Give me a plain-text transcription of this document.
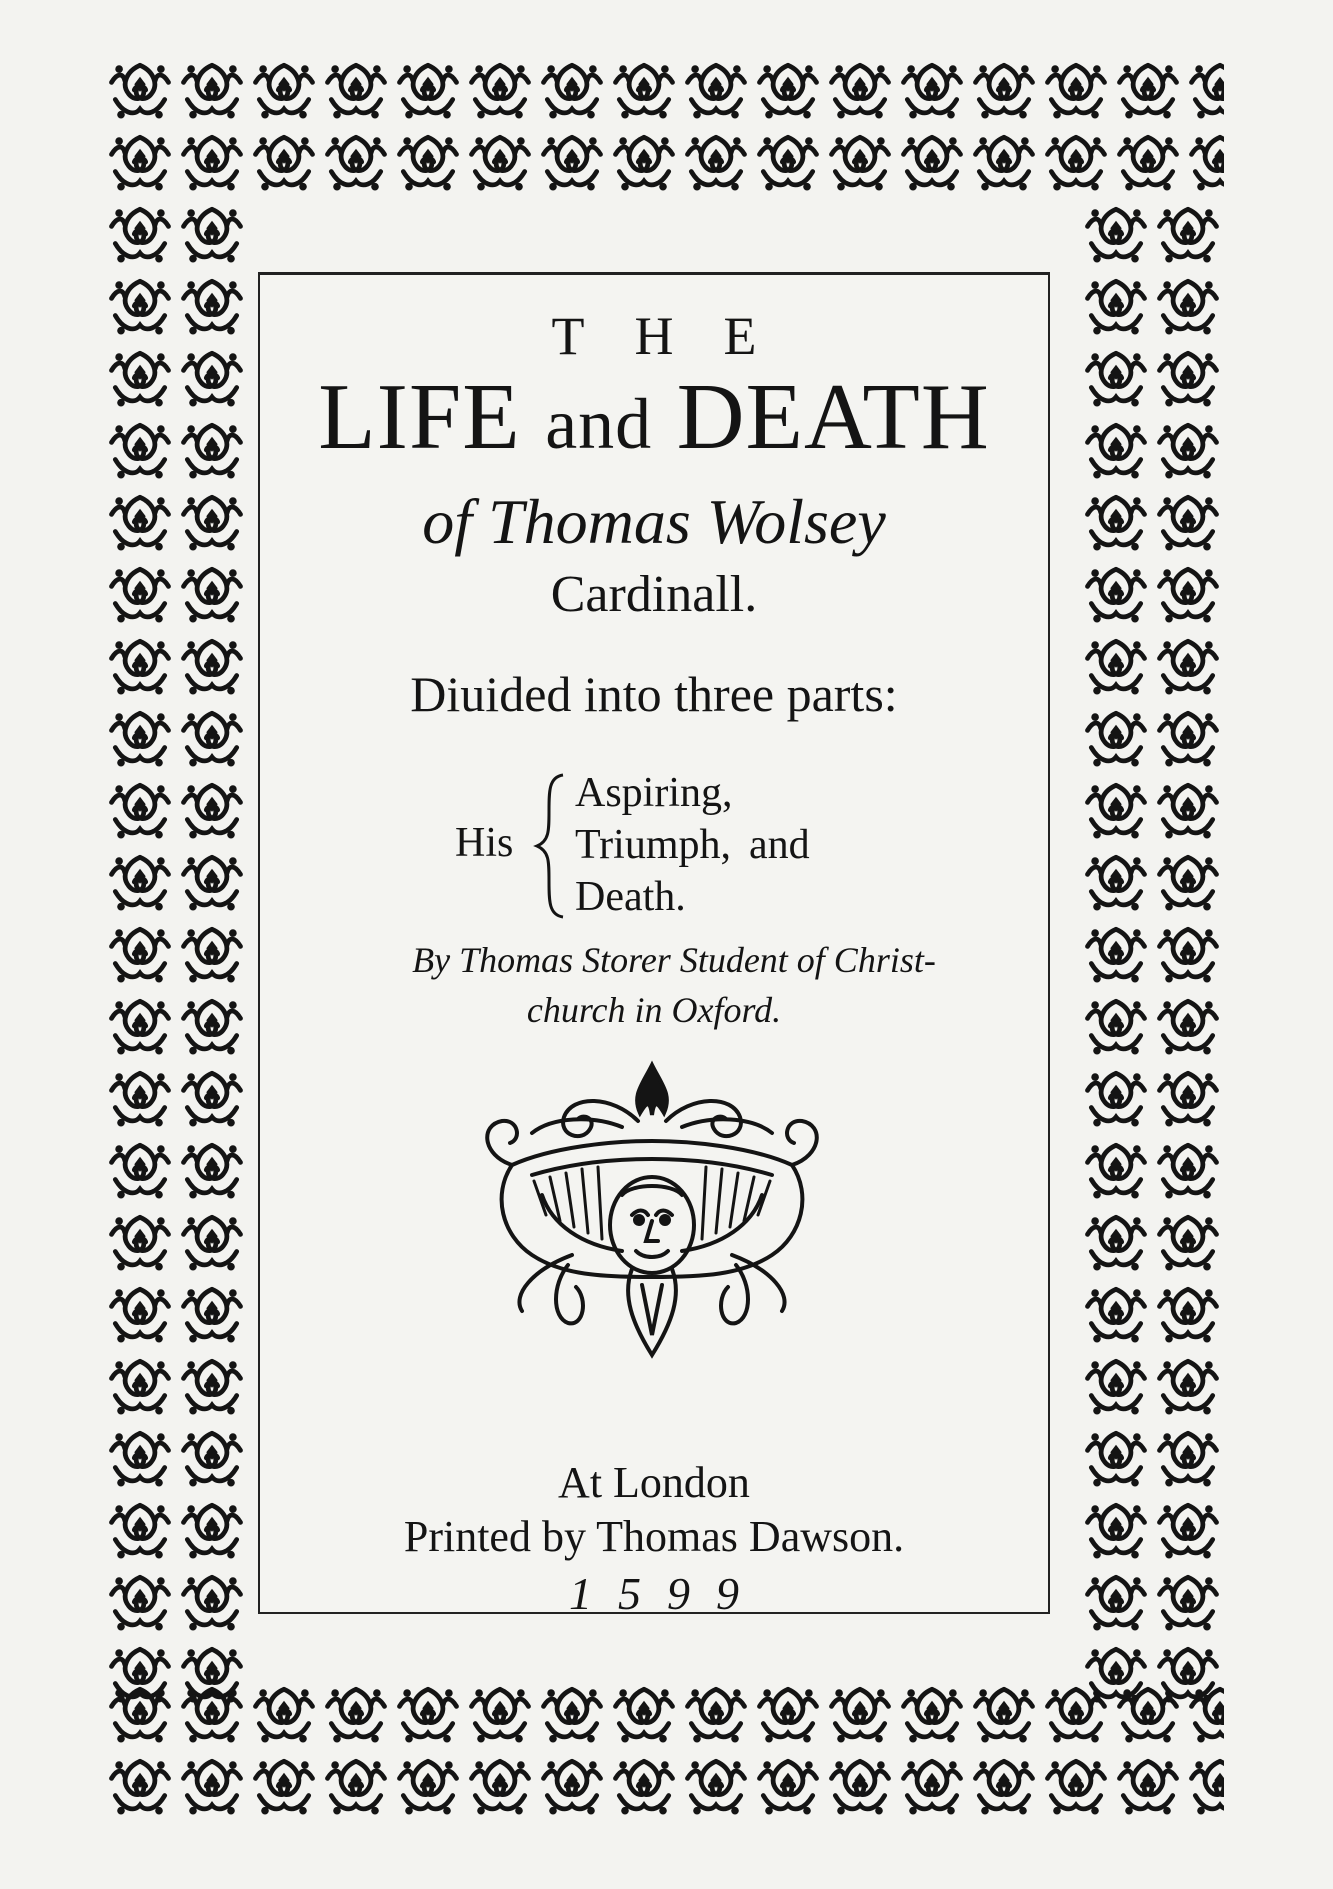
THE
LIFE and DEATH
of Thomas Wolsey
Cardinall.
Diuided into three parts:
His
Aspiring,
Triumph, and
Death.
By Thomas Storer Student of Christ-
church in Oxford.
At London
Printed by Thomas Dawson.
1599
